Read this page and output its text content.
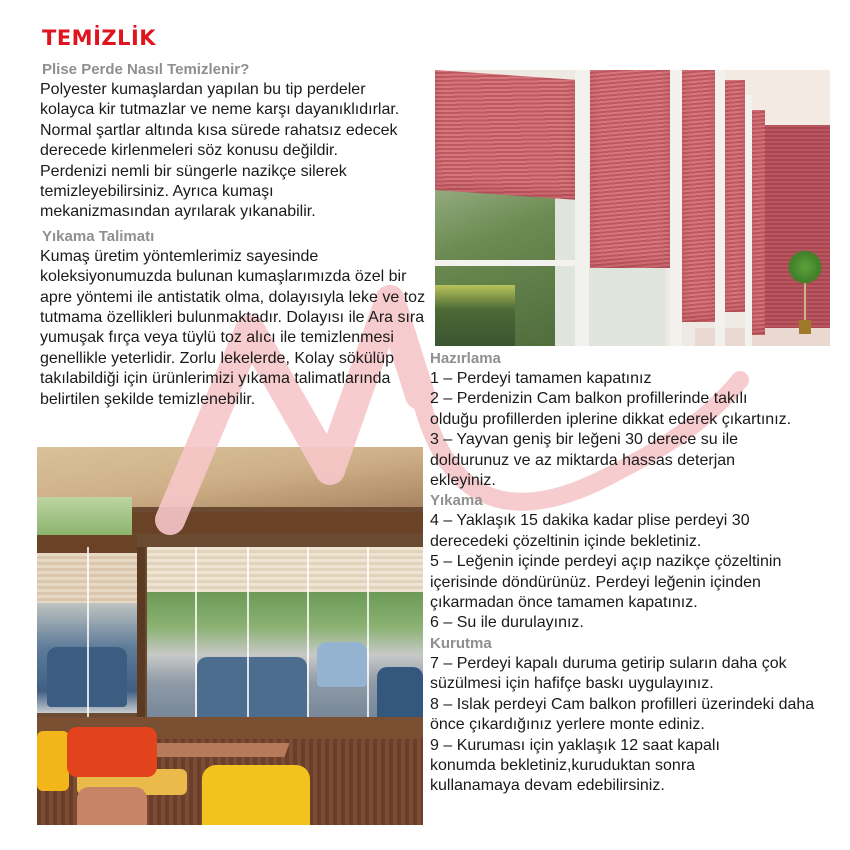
TEMİZLİK
Plise Perde Nasıl Temizlenir?

Polyester kumaşlardan yapılan bu tip perdeler kolayca kir tutmazlar ve neme karşı dayanıklıdırlar. Normal şartlar altında kısa sürede rahatsız edecek derecede kirlenmeleri söz konusu değildir. Perdenizi nemli bir süngerle nazikçe silerek temizleyebilirsiniz. Ayrıca kumaşı mekanizmasından ayrılarak yıkanabilir.

Yıkama Talimatı

Kumaş üretim yöntemlerimiz sayesinde koleksiyonumuzda bulunan kumaşlarımızda özel bir apre yöntemi ile antistatik olma, dolayısıyla leke ve toz tutmama özellikleri bulunmaktadır. Dolayısı ile Ara sıra yumuşak fırça veya tüylü toz alıcı ile temizlenmesi genellikle yeterlidir. Zorlu lekelerde, Kolay sökülüp takılabildiği için ürünlerimizi yıkama talimatlarında belirtilen şekilde temizlenebilir.

Hazırlama

1 – Perdeyi tamamen kapatınız

2 – Perdenizin Cam balkon profillerinde takılı olduğu profillerden iplerine dikkat ederek çıkartınız.

3 – Yayvan geniş bir leğeni 30 derece su ile doldurunuz ve az miktarda hassas deterjan ekleyiniz.

Yıkama

4 – Yaklaşık 15 dakika kadar plise perdeyi 30 derecedeki çözeltinin içinde bekletiniz.

5 – Leğenin içinde perdeyi açıp nazikçe çözeltinin içerisinde döndürünüz. Perdeyi leğenin içinden çıkarmadan önce tamamen kapatınız.

6 – Su ile durulayınız.

Kurutma

7 – Perdeyi kapalı duruma getirip suların daha çok süzülmesi için hafifçe baskı uygulayınız.

8 – Islak perdeyi Cam balkon profilleri üzerindeki daha önce çıkardığınız yerlere monte ediniz.

9 – Kuruması için yaklaşık 12 saat kapalı konumda bekletiniz,kuruduktan sonra kullanamaya devam edebilirsiniz.
